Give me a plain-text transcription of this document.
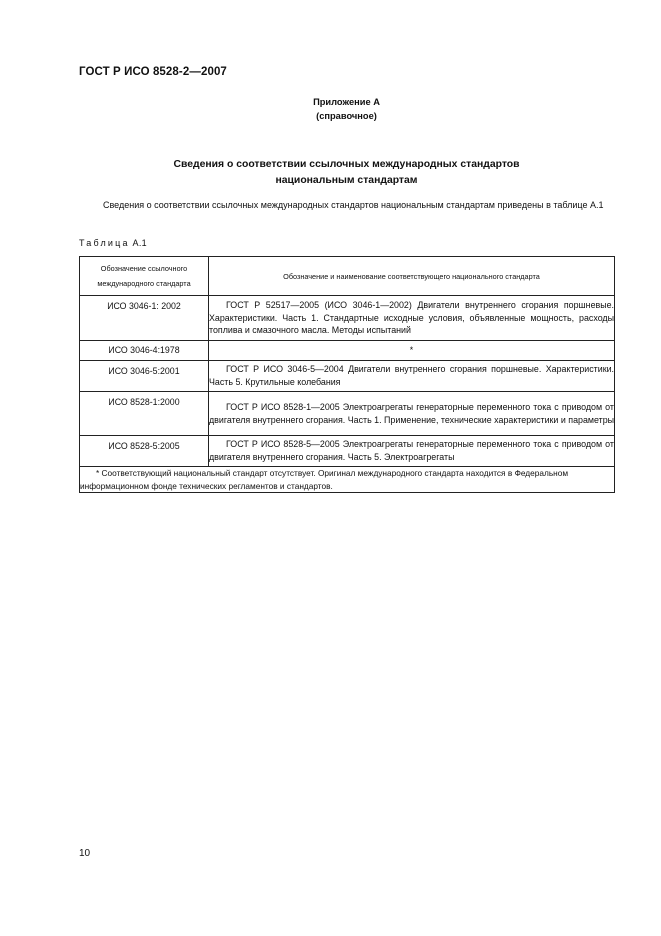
ГОСТ Р ИСО 8528-2—2007
Приложение А
(справочное)
Сведения о соответствии ссылочных международных стандартов
национальным стандартам
Сведения о соответствии ссылочных международных стандартов национальным стандартам приведены в таблице А.1
Таблица А.1
Обозначение ссылочного
международного стандарта	Обозначение и наименование соответствующего национального стандарта
ИСО 3046-1: 2002	ГОСТ Р 52517—2005 (ИСО 3046-1—2002) Двигатели внутреннего сгорания поршневые. Характеристики. Часть 1. Стандартные исходные условия, объявленные мощность, расходы топлива и смазочного масла. Методы испытаний
ИСО 3046-4:1978	*
ИСО 3046-5:2001	ГОСТ Р ИСО 3046-5—2004 Двигатели внутреннего сгорания поршневые. Характеристики. Часть 5. Крутильные колебания
ИСО 8528-1:2000	ГОСТ Р ИСО 8528-1—2005 Электроагрегаты генераторные переменного тока с приводом от двигателя внутреннего сгорания. Часть 1. Применение, технические характеристики и параметры
ИСО 8528-5:2005	ГОСТ Р ИСО 8528-5—2005 Электроагрегаты генераторные переменного тока с приводом от двигателя внутреннего сгорания. Часть 5. Электроагрегаты
* Соответствующий национальный стандарт отсутствует. Оригинал международного стандарта находится в Федеральном информационном фонде технических регламентов и стандартов.	
10
